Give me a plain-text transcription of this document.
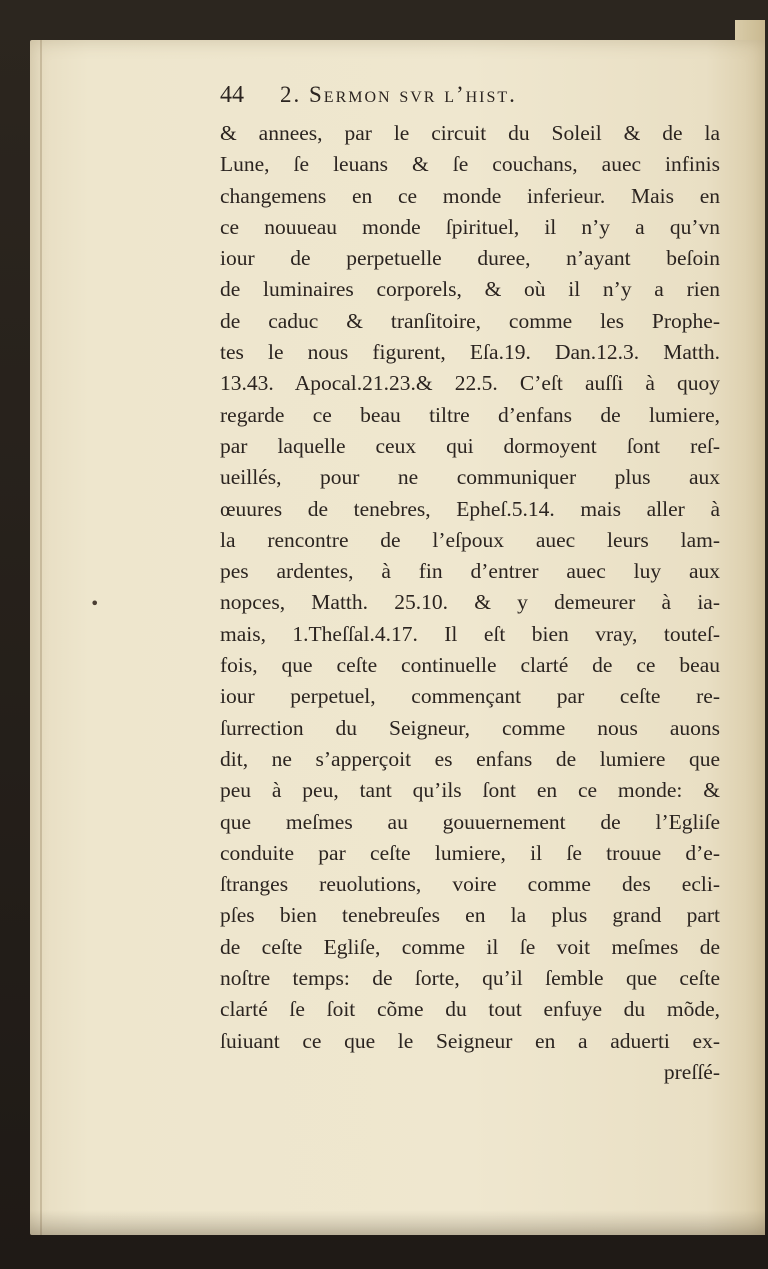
•
44	2. Sermon svr l’hist.
& annees, par le circuit du Soleil & de la
Lune, ſe leuans & ſe couchans, auec infinis
changemens en ce monde inferieur. Mais en
ce nouueau monde ſpirituel, il n’y a qu’vn
iour de perpetuelle duree, n’ayant beſoin
de luminaires corporels, & où il n’y a rien
de caduc & tranſitoire, comme les Prophe-
tes le nous figurent, Eſa.19. Dan.12.3. Matth.
13.43. Apocal.21.23.& 22.5. C’eſt auſſi à quoy
regarde ce beau tiltre d’enfans de lumiere,
par laquelle ceux qui dormoyent ſont reſ-
ueillés, pour ne communiquer plus aux
œuures de tenebres, Epheſ.5.14. mais aller à
la rencontre de l’eſpoux auec leurs lam-
pes ardentes, à fin d’entrer auec luy aux
nopces, Matth. 25.10. & y demeurer à ia-
mais, 1.Theſſal.4.17. Il eſt bien vray, touteſ-
fois, que ceſte continuelle clarté de ce beau
iour perpetuel, commençant par ceſte re-
ſurrection du Seigneur, comme nous auons
dit, ne s’apperçoit es enfans de lumiere que
peu à peu, tant qu’ils ſont en ce monde: &
que meſmes au gouuernement de l’Egliſe
conduite par ceſte lumiere, il ſe trouue d’e-
ſtranges reuolutions, voire comme des ecli-
pſes bien tenebreuſes en la plus grand part
de ceſte Egliſe, comme il ſe voit meſmes de
noſtre temps: de ſorte, qu’il ſemble que ceſte
clarté ſe ſoit cõme du tout enfuye du mõde,
ſuiuant ce que le Seigneur en a aduerti ex-
preſſé-
